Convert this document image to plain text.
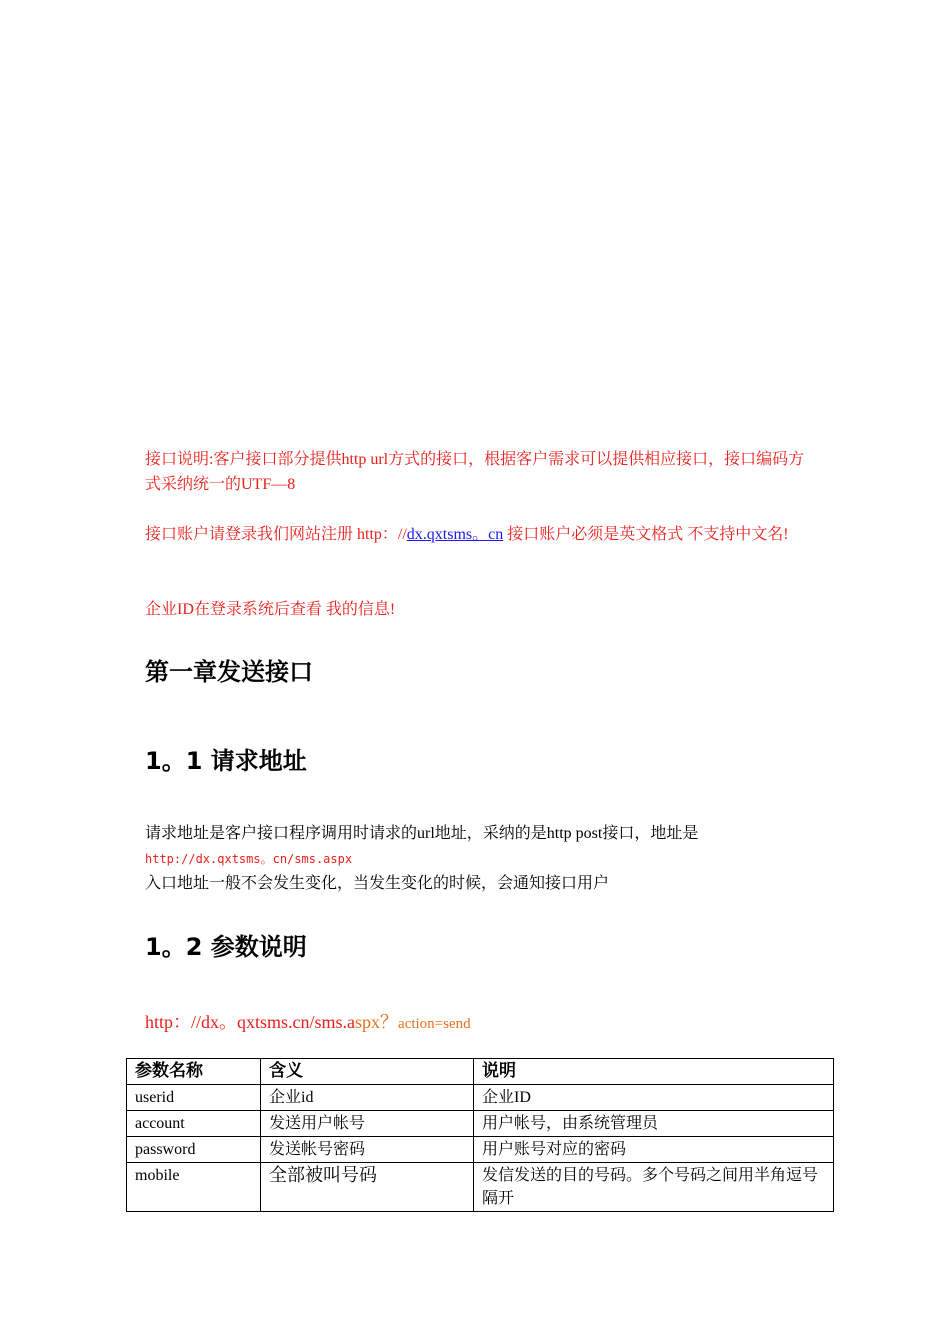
接口说明:客户接口部分提供http url方式的接口，根据客户需求可以提供相应接口，接口编码方式采纳统一的UTF—8
接口账户请登录我们网站注册 http：//dx.qxtsms。cn 接口账户必须是英文格式 不支持中文名!
企业ID在登录系统后查看 我的信息!
第一章发送接口
1。1 请求地址
请求地址是客户接口程序调用时请求的url地址，采纳的是http post接口，地址是
http://dx.qxtsms。cn/sms.aspx
入口地址一般不会发生变化，当发生变化的时候，会通知接口用户
1。2 参数说明
http：//dx。qxtsms.cn/sms.aspx？action=send
参数名称	含义	说明
userid	企业id	企业ID
account	发送用户帐号	用户帐号，由系统管理员
password	发送帐号密码	用户账号对应的密码
mobile	全部被叫号码	发信发送的目的号码。多个号码之间用半角逗号隔开
